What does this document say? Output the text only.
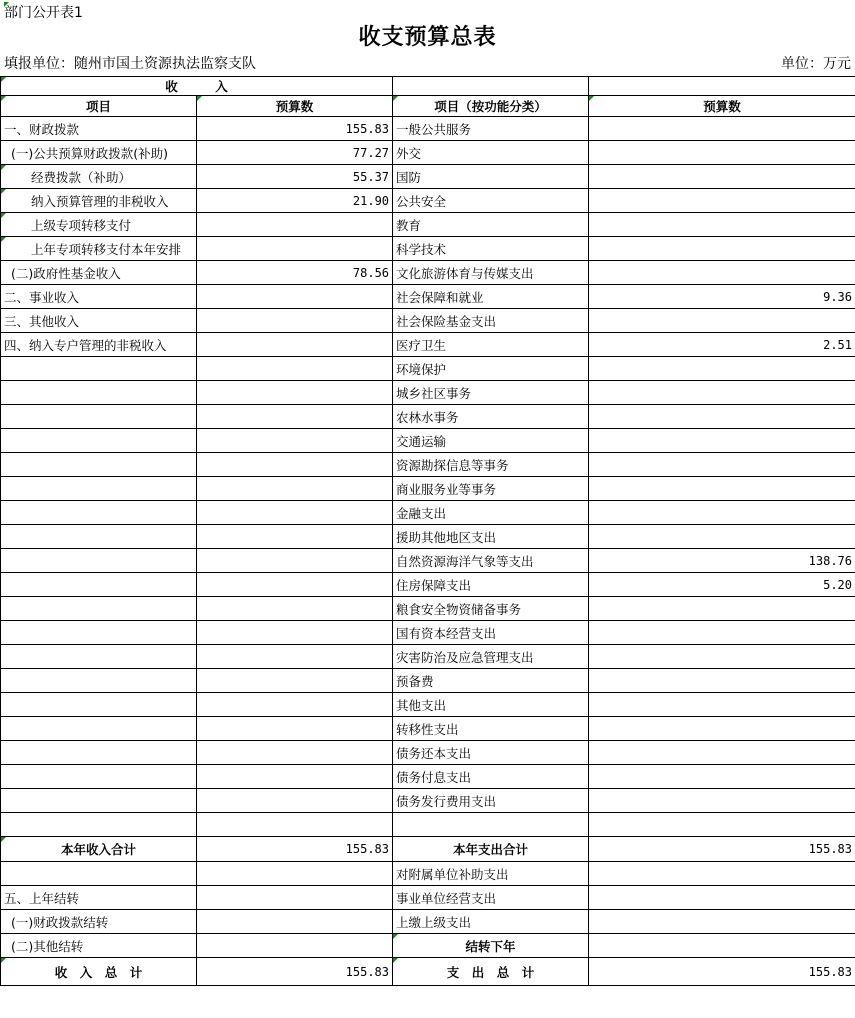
部门公开表1
收支预算总表
填报单位：随州市国土资源执法监察支队	单位：万元
收　　　入			
项目	预算数	项目（按功能分类）	预算数
一、财政拨款	155.83	一般公共服务	
(一)公共预算财政拨款(补助)	77.27	外交	
经费拨款（补助）	55.37	国防	
纳入预算管理的非税收入	21.90	公共安全	
上级专项转移支付		教育	
上年专项转移支付本年安排		科学技术	
(二)政府性基金收入	78.56	文化旅游体育与传媒支出	
二、事业收入		社会保障和就业	9.36
三、其他收入		社会保险基金支出	
四、纳入专户管理的非税收入		医疗卫生	2.51
		环境保护	
		城乡社区事务	
		农林水事务	
		交通运输	
		资源勘探信息等事务	
		商业服务业等事务	
		金融支出	
		援助其他地区支出	
		自然资源海洋气象等支出	138.76
		住房保障支出	5.20
		粮食安全物资储备事务	
		国有资本经营支出	
		灾害防治及应急管理支出	
		预备费	
		其他支出	
		转移性支出	
		债务还本支出	
		债务付息支出	
		债务发行费用支出	

本年收入合计	155.83	本年支出合计	155.83
		对附属单位补助支出	
五、上年结转		事业单位经营支出	
(一)财政拨款结转		上缴上级支出	
(二)其他结转		结转下年	
收　入　总　计	155.83	支　出　总　计	155.83
